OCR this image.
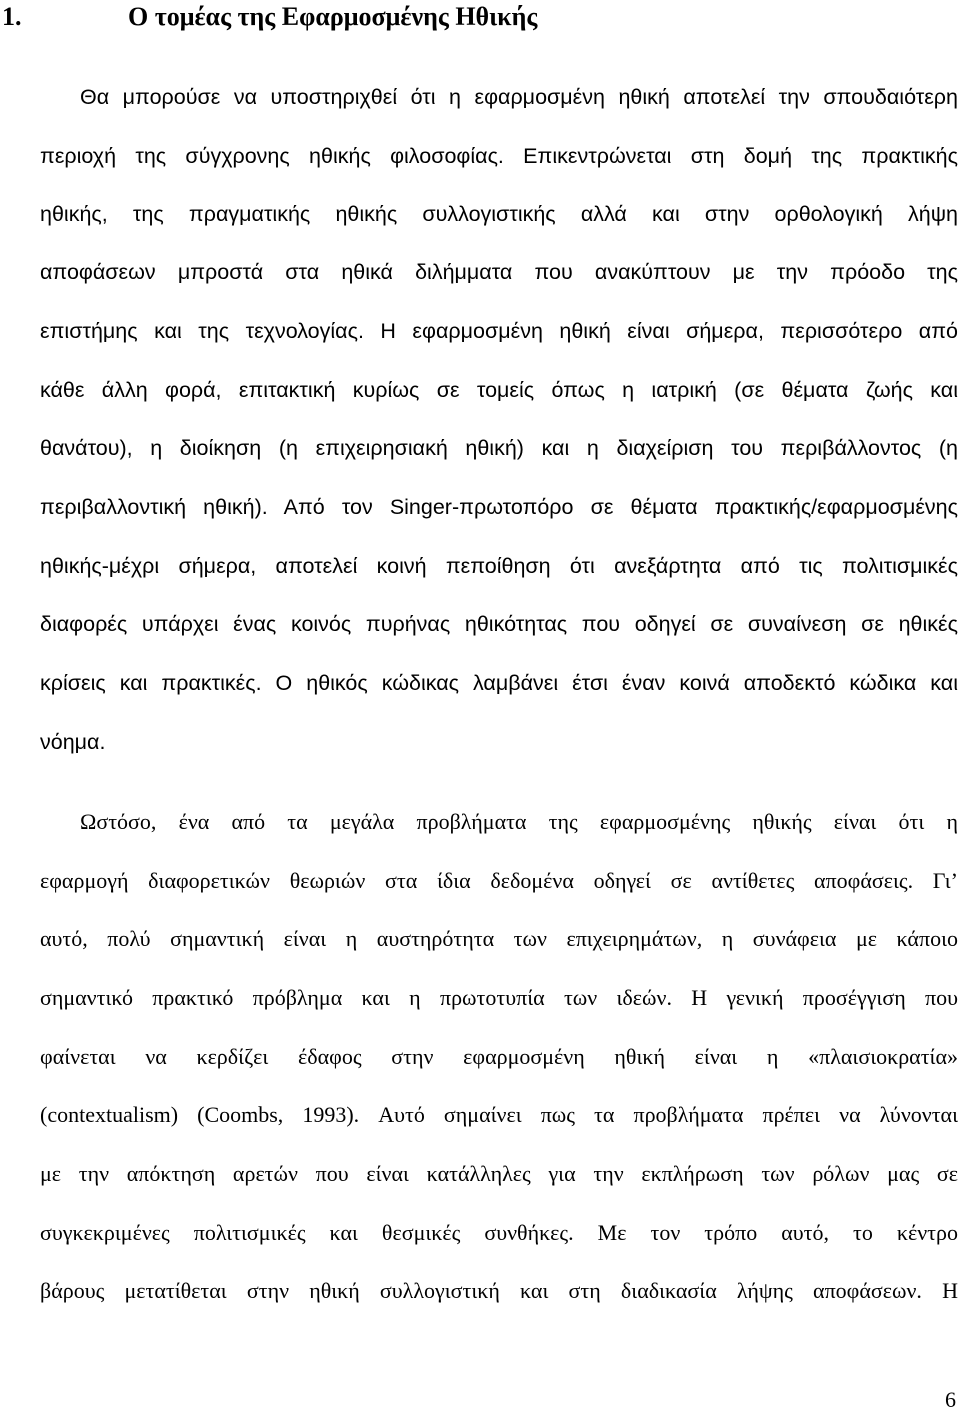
1.	Ο τομέας της Εφαρμοσμένης Ηθικής
Θα μπορούσε να υποστηριχθεί ότι η εφαρμοσμένη ηθική αποτελεί την σπουδαιότερη
περιοχή της σύγχρονης ηθικής φιλοσοφίας. Επικεντρώνεται στη δομή της πρακτικής
ηθικής, της πραγματικής ηθικής συλλογιστικής αλλά και στην ορθολογική λήψη
αποφάσεων μπροστά στα ηθικά διλήμματα που ανακύπτουν με την πρόοδο της
επιστήμης και της τεχνολογίας. Η εφαρμοσμένη ηθική είναι σήμερα, περισσότερο από
κάθε άλλη φορά, επιτακτική κυρίως σε τομείς όπως η ιατρική (σε θέματα ζωής και
θανάτου), η διοίκηση (η επιχειρησιακή ηθική) και η διαχείριση του περιβάλλοντος (η
περιβαλλοντική ηθική). Από τον Singer-πρωτοπόρο σε θέματα πρακτικής/εφαρμοσμένης
ηθικής-μέχρι σήμερα, αποτελεί κοινή πεποίθηση ότι ανεξάρτητα από τις πολιτισμικές
διαφορές υπάρχει ένας κοινός πυρήνας ηθικότητας που οδηγεί σε συναίνεση σε ηθικές
κρίσεις και πρακτικές. Ο ηθικός κώδικας λαμβάνει έτσι έναν κοινά αποδεκτό κώδικα και
νόημα.
Ωστόσο, ένα από τα μεγάλα προβλήματα της εφαρμοσμένης ηθικής είναι ότι η
εφαρμογή διαφορετικών θεωριών στα ίδια δεδομένα οδηγεί σε αντίθετες αποφάσεις. Γι’
αυτό, πολύ σημαντική είναι η αυστηρότητα των επιχειρημάτων, η συνάφεια με κάποιο
σημαντικό πρακτικό πρόβλημα και η πρωτοτυπία των ιδεών. Η γενική προσέγγιση που
φαίνεται να κερδίζει έδαφος στην εφαρμοσμένη ηθική είναι η «πλαισιοκρατία»
(contextualism) (Coombs, 1993). Αυτό σημαίνει πως τα προβλήματα πρέπει να λύνονται
με την απόκτηση αρετών που είναι κατάλληλες για την εκπλήρωση των ρόλων μας σε
συγκεκριμένες πολιτισμικές και θεσμικές συνθήκες. Με τον τρόπο αυτό, το κέντρο
βάρους μετατίθεται στην ηθική συλλογιστική και στη διαδικασία λήψης αποφάσεων. Η
6
